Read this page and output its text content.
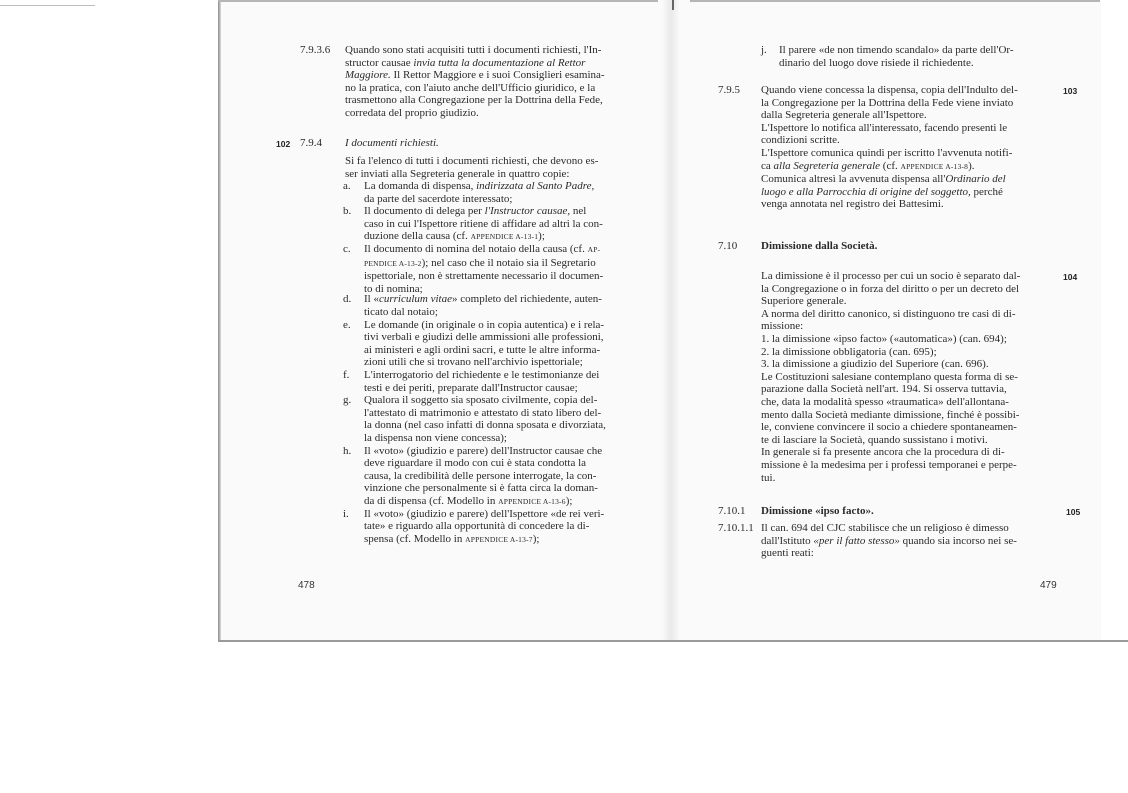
7.9.3.6 Quando sono stati acquisiti tutti i documenti richiesti, l'In-
structor causae invia tutta la documentazione al Rettor
Maggiore. Il Rettor Maggiore e i suoi Consiglieri esamina-
no la pratica, con l'aiuto anche dell'Ufficio giuridico, e la
trasmettono alla Congregazione per la Dottrina della Fede,
corredata del proprio giudizio.
102 7.9.4 I documenti richiesti.
Si fa l'elenco di tutti i documenti richiesti, che devono es-
ser inviati alla Segreteria generale in quattro copie:
a. La domanda di dispensa, indirizzata al Santo Padre,
da parte del sacerdote interessato;
b. Il documento di delega per l'Instructor causae, nel
caso in cui l'Ispettore ritiene di affidare ad altri la con-
duzione della causa (cf. APPENDICE A-13-1);
c. Il documento di nomina del notaio della causa (cf. AP-
PENDICE A-13-2); nel caso che il notaio sia il Segretario
ispettoriale, non è strettamente necessario il documen-
to di nomina;
d. Il «curriculum vitae» completo del richiedente, auten-
ticato dal notaio;
e. Le domande (in originale o in copia autentica) e i rela-
tivi verbali e giudizi delle ammissioni alle professioni,
ai ministeri e agli ordini sacri, e tutte le altre informa-
zioni utili che si trovano nell'archivio ispettoriale;
f. L'interrogatorio del richiedente e le testimonianze dei
testi e dei periti, preparate dall'Instructor causae;
g. Qualora il soggetto sia sposato civilmente, copia del-
l'attestato di matrimonio e attestato di stato libero del-
la donna (nel caso infatti di donna sposata e divorziata,
la dispensa non viene concessa);
h. Il «voto» (giudizio e parere) dell'Instructor causae che
deve riguardare il modo con cui è stata condotta la
causa, la credibilità delle persone interrogate, la con-
vinzione che personalmente si è fatta circa la doman-
da di dispensa (cf. Modello in APPENDICE A-13-6);
i. Il «voto» (giudizio e parere) dell'Ispettore «de rei veri-
tate» e riguardo alla opportunità di concedere la di-
spensa (cf. Modello in APPENDICE A-13-7);
478
j. Il parere «de non timendo scandalo» da parte dell'Or-
dinario del luogo dove risiede il richiedente.
7.9.5	103
Quando viene concessa la dispensa, copia dell'Indulto del-
la Congregazione per la Dottrina della Fede viene inviato
dalla Segreteria generale all'Ispettore.
L'Ispettore lo notifica all'interessato, facendo presenti le
condizioni scritte.
L'Ispettore comunica quindi per iscritto l'avvenuta notifi-
ca alla Segreteria generale (cf. APPENDICE A-13-8).
Comunica altresì la avvenuta dispensa all'Ordinario del
luogo e alla Parrocchia di origine del soggetto, perché
venga annotata nel registro dei Battesimi.
7.10 Dimissione dalla Società.
104
La dimissione è il processo per cui un socio è separato dal-
la Congregazione o in forza del diritto o per un decreto del
Superiore generale.
A norma del diritto canonico, si distinguono tre casi di di-
missione:
1. la dimissione «ipso facto» («automatica») (can. 694);
2. la dimissione obbligatoria (can. 695);
3. la dimissione a giudizio del Superiore (can. 696).
Le Costituzioni salesiane contemplano questa forma di se-
parazione dalla Società nell'art. 194. Si osserva tuttavia,
che, data la modalità spesso «traumatica» dell'allontana-
mento dalla Società mediante dimissione, finché è possibi-
le, conviene convincere il socio a chiedere spontaneamen-
te di lasciare la Società, quando sussistano i motivi.
In generale si fa presente ancora che la procedura di di-
missione è la medesima per i professi temporanei e perpe-
tui.
7.10.1 Dimissione «ipso facto».	105
7.10.1.1 Il can. 694 del CJC stabilisce che un religioso è dimesso
dall'Istituto «per il fatto stesso» quando sia incorso nei se-
guenti reati:
479
